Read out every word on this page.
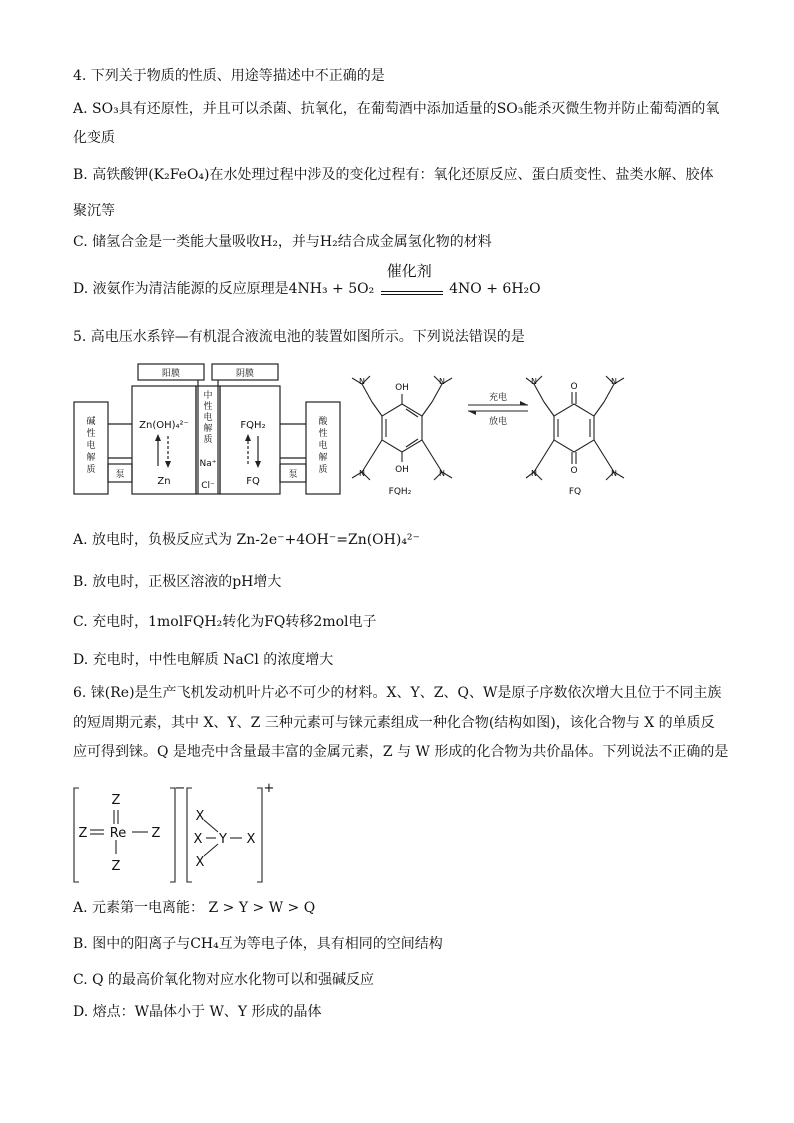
4. 下列关于物质的性质、用途等描述中不正确的是
A. SO₃具有还原性，并且可以杀菌、抗氧化，在葡萄酒中添加适量的SO₃能杀灭微生物并防止葡萄酒的氧
化变质
B. 高铁酸钾(K₂FeO₄)在水处理过程中涉及的变化过程有：氧化还原反应、蛋白质变性、盐类水解、胶体
聚沉等
C. 储氢合金是一类能大量吸收H₂，并与H₂结合成金属氢化物的材料
D. 液氨作为清洁能源的反应原理是4NH₃ + 5O₂
催化剂
4NO + 6H₂O
5. 高电压水系锌—有机混合液流电池的装置如图所示。下列说法错误的是
阳膜	阴膜
碱
性
电
解
质
酸
性
电
解
质
中
性
电
解
质
Na⁺
Cl⁻
泵	泵
Zn(OH)₄²⁻
Zn
FQH₂
FQ
OH
OH
N	N
N	N
充电
放电
O
O
N	N
N	N
FQH₂	FQ
A. 放电时，负极反应式为 Zn-2e⁻+4OH⁻=Zn(OH)₄²⁻
B. 放电时，正极区溶液的pH增大
C. 充电时，1molFQH₂转化为FQ转移2mol电子
D. 充电时，中性电解质 NaCl 的浓度增大
6. 铼(Re)是生产飞机发动机叶片必不可少的材料。X、Y、Z、Q、W是原子序数依次增大且位于不同主族
的短周期元素，其中 X、Y、Z 三种元素可与铼元素组成一种化合物(结构如图)，该化合物与 X 的单质反
应可得到铼。Q 是地壳中含量最丰富的金属元素，Z 与 W 形成的化合物为共价晶体。下列说法不正确的是
Z
Z Re Z
Z
X
X Y X
X
−	+
A. 元素第一电离能： Z > Y > W > Q
B. 图中的阳离子与CH₄互为等电子体，具有相同的空间结构
C. Q 的最高价氧化物对应水化物可以和强碱反应
D. 熔点：W晶体小于 W、Y 形成的晶体
